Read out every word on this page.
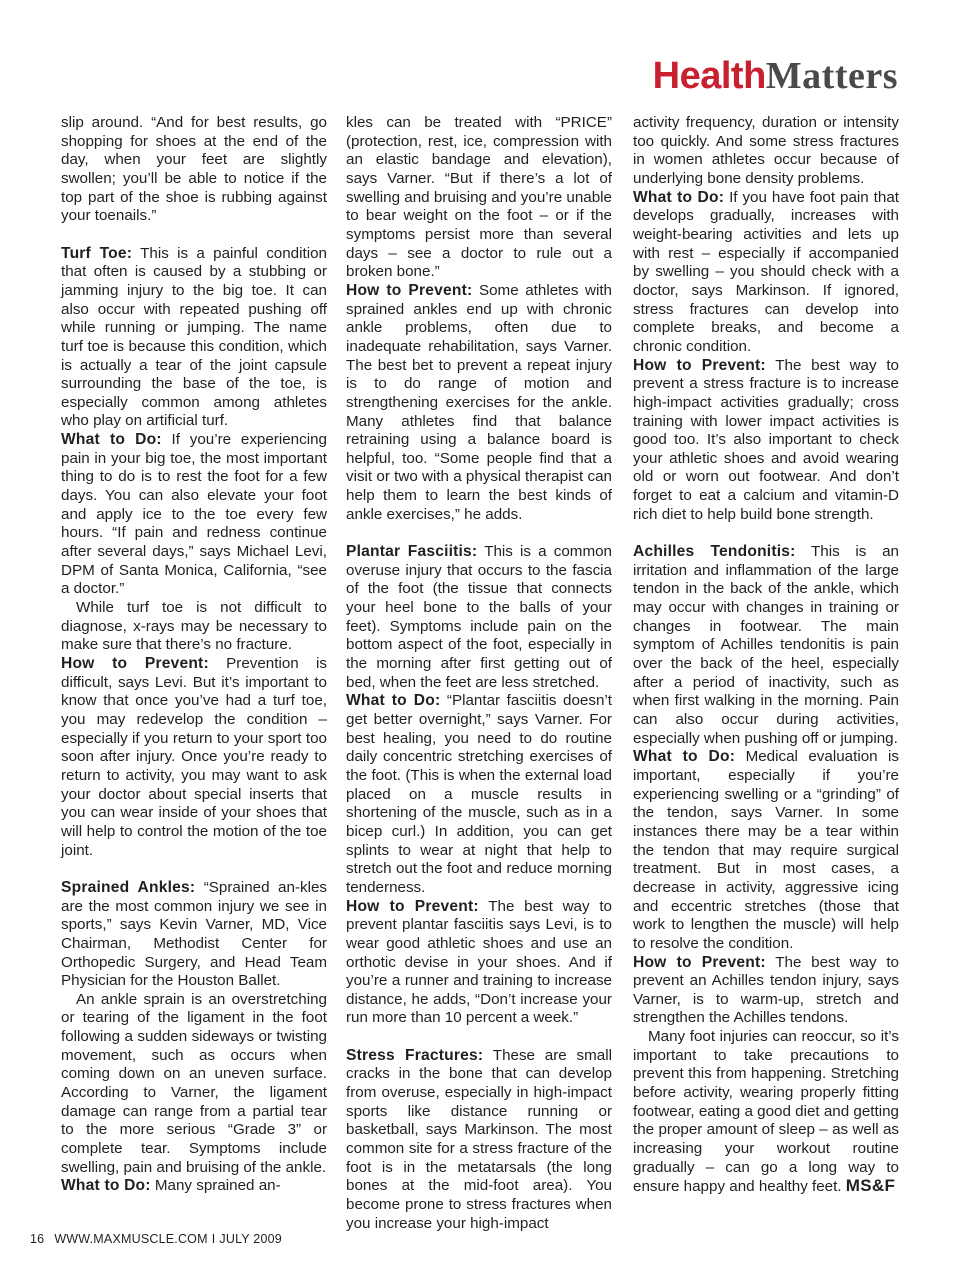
HealthMatters

slip around. “And for best results, go shopping for shoes at the end of the day, when your feet are slightly swollen; you’ll be able to notice if the top part of the shoe is rubbing against your toenails.”

Turf Toe: This is a painful condition that often is caused by a stubbing or jamming injury to the big toe. It can also occur with repeated pushing off while running or jumping. The name turf toe is because this condition, which is actually a tear of the joint capsule surrounding the base of the toe, is especially common among athletes who play on artificial turf.

What to Do: If you’re experiencing pain in your big toe, the most important thing to do is to rest the foot for a few days. You can also elevate your foot and apply ice to the toe every few hours. “If pain and redness continue after several days,” says Michael Levi, DPM of Santa Monica, California, “see a doctor.”

While turf toe is not difficult to diagnose, x-rays may be necessary to make sure that there’s no fracture.

How to Prevent: Prevention is difficult, says Levi. But it’s important to know that once you’ve had a turf toe, you may redevelop the condition – especially if you return to your sport too soon after injury. Once you’re ready to return to activity, you may want to ask your doctor about special inserts that you can wear inside of your shoes that will help to control the motion of the toe joint.

Sprained Ankles: “Sprained an-kles are the most common injury we see in sports,” says Kevin Varner, MD, Vice Chairman, Methodist Center for Orthopedic Surgery, and Head Team Physician for the Houston Ballet.

An ankle sprain is an overstretching or tearing of the ligament in the foot following a sudden sideways or twisting movement, such as occurs when coming down on an uneven surface. According to Varner, the ligament damage can range from a partial tear to the more serious “Grade 3” or complete tear. Symptoms include swelling, pain and bruising of the ankle.

What to Do: Many sprained an-

kles can be treated with “PRICE” (protection, rest, ice, compression with an elastic bandage and elevation), says Varner. “But if there’s a lot of swelling and bruising and you’re unable to bear weight on the foot – or if the symptoms persist more than several days – see a doctor to rule out a broken bone.”

How to Prevent: Some athletes with sprained ankles end up with chronic ankle problems, often due to inadequate rehabilitation, says Varner. The best bet to prevent a repeat injury is to do range of motion and strengthening exercises for the ankle. Many athletes find that balance retraining using a balance board is helpful, too. “Some people find that a visit or two with a physical therapist can help them to learn the best kinds of ankle exercises,” he adds.

Plantar Fasciitis: This is a common overuse injury that occurs to the fascia of the foot (the tissue that connects your heel bone to the balls of your feet). Symptoms include pain on the bottom aspect of the foot, especially in the morning after first getting out of bed, when the feet are less stretched.

What to Do: “Plantar fasciitis doesn’t get better overnight,” says Varner. For best healing, you need to do routine daily concentric stretching exercises of the foot. (This is when the external load placed on a muscle results in shortening of the muscle, such as in a bicep curl.) In addition, you can get splints to wear at night that help to stretch out the foot and reduce morning tenderness.

How to Prevent: The best way to prevent plantar fasciitis says Levi, is to wear good athletic shoes and use an orthotic devise in your shoes. And if you’re a runner and training to increase distance, he adds, “Don’t increase your run more than 10 percent a week.”

Stress Fractures: These are small cracks in the bone that can develop from overuse, especially in high-impact sports like distance running or basketball, says Markinson. The most common site for a stress fracture of the foot is in the metatarsals (the long bones at the mid-foot area). You become prone to stress fractures when you increase your high-impact

activity frequency, duration or intensity too quickly. And some stress fractures in women athletes occur because of underlying bone density problems.

What to Do: If you have foot pain that develops gradually, increases with weight-bearing activities and lets up with rest – especially if accompanied by swelling – you should check with a doctor, says Markinson. If ignored, stress fractures can develop into complete breaks, and become a chronic condition.

How to Prevent: The best way to prevent a stress fracture is to increase high-impact activities gradually; cross training with lower impact activities is good too. It’s also important to check your athletic shoes and avoid wearing old or worn out footwear. And don’t forget to eat a calcium and vitamin-D rich diet to help build bone strength.

Achilles Tendonitis: This is an irritation and inflammation of the large tendon in the back of the ankle, which may occur with changes in training or changes in footwear. The main symptom of Achilles tendonitis is pain over the back of the heel, especially after a period of inactivity, such as when first walking in the morning. Pain can also occur during activities, especially when pushing off or jumping.

What to Do: Medical evaluation is important, especially if you’re experiencing swelling or a “grinding” of the tendon, says Varner. In some instances there may be a tear within the tendon that may require surgical treatment. But in most cases, a decrease in activity, aggressive icing and eccentric stretches (those that work to lengthen the muscle) will help to resolve the condition.

How to Prevent: The best way to prevent an Achilles tendon injury, says Varner, is to warm-up, stretch and strengthen the Achilles tendons.

Many foot injuries can reoccur, so it’s important to take precautions to prevent this from happening. Stretching before activity, wearing properly fitting footwear, eating a good diet and getting the proper amount of sleep – as well as increasing your workout routine gradually – can go a long way to ensure happy and healthy feet. MS&F

16 WWW.MAXMUSCLE.COM I JULY 2009
